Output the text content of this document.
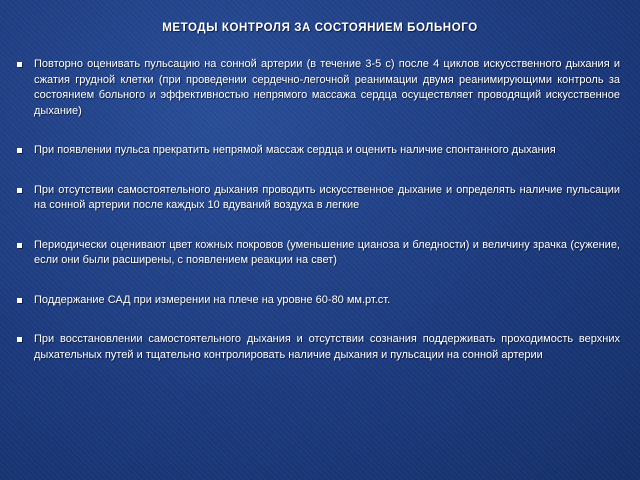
МЕТОДЫ КОНТРОЛЯ ЗА СОСТОЯНИЕМ БОЛЬНОГО
Повторно оценивать пульсацию на сонной артерии (в течение 3-5 с) после 4 циклов искусственного дыхания и сжатия грудной клетки (при проведении сердечно-легочной реанимации двумя реанимирующими контроль за состоянием больного и эффективностью непрямого массажа сердца осуществляет проводящий искусственное дыхание)
При появлении пульса прекратить непрямой массаж сердца и оценить наличие спонтанного дыхания
При отсутствии самостоятельного дыхания проводить искусственное дыхание и определять наличие пульсации на сонной артерии после каждых 10 вдуваний воздуха в легкие
Периодически оценивают цвет кожных покровов (уменьшение цианоза и бледности) и величину зрачка (сужение, если они были расширены, с появлением реакции на свет)
Поддержание САД при измерении на плече на уровне 60-80 мм.рт.ст.
При восстановлении самостоятельного дыхания и отсутствии сознания поддерживать проходимость верхних дыхательных путей и тщательно контролировать наличие дыхания и пульсации на сонной артерии
